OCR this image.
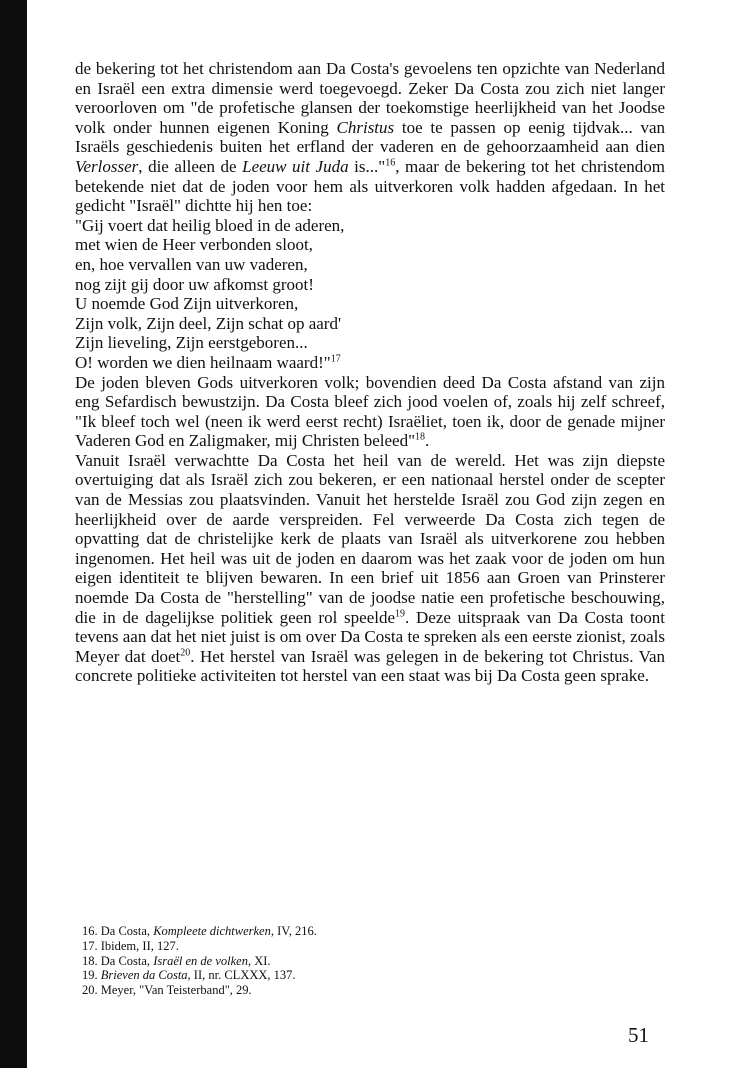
de bekering tot het christendom aan Da Costa's gevoelens ten opzichte van Nederland en Israël een extra dimensie werd toegevoegd. Zeker Da Costa zou zich niet langer veroorloven om "de profetische glansen der toekomstige heerlijkheid van het Joodse volk onder hunnen eigenen Koning Christus toe te passen op eenig tijdvak... van Israëls geschiedenis buiten het erfland der vaderen en de gehoorzaamheid aan dien Verlosser, die alleen de Leeuw uit Juda is..."$^{16}$, maar de bekering tot het christendom betekende niet dat de joden voor hem als uitverkoren volk hadden afgedaan. In het gedicht "Israël" dichtte hij hen toe:

"Gij voert dat heilig bloed in de aderen,
met wien de Heer verbonden sloot,
en, hoe vervallen van uw vaderen,
nog zijt gij door uw afkomst groot!
U noemde God Zijn uitverkoren,
Zijn volk, Zijn deel, Zijn schat op aard'
Zijn lieveling, Zijn eerstgeboren...
O! worden we dien heilnaam waard!"$^{17}$

De joden bleven Gods uitverkoren volk; bovendien deed Da Costa afstand van zijn eng Sefardisch bewustzijn. Da Costa bleef zich jood voelen of, zoals hij zelf schreef, "Ik bleef toch wel (neen ik werd eerst recht) Israëliet, toen ik, door de genade mijner Vaderen God en Zaligmaker, mij Christen beleed"$^{18}$.

Vanuit Israël verwachtte Da Costa het heil van de wereld. Het was zijn diepste overtuiging dat als Israël zich zou bekeren, er een nationaal herstel onder de scepter van de Messias zou plaatsvinden. Vanuit het herstelde Israël zou God zijn zegen en heerlijkheid over de aarde verspreiden. Fel verweerde Da Costa zich tegen de opvatting dat de christelijke kerk de plaats van Israël als uitverkorene zou hebben ingenomen. Het heil was uit de joden en daarom was het zaak voor de joden om hun eigen identiteit te blijven bewaren. In een brief uit 1856 aan Groen van Prinsterer noemde Da Costa de "herstelling" van de joodse natie een profetische beschouwing, die in de dagelijkse politiek geen rol speelde$^{19}$. Deze uitspraak van Da Costa toont tevens aan dat het niet juist is om over Da Costa te spreken als een eerste zionist, zoals Meyer dat doet$^{20}$. Het herstel van Israël was gelegen in de bekering tot Christus. Van concrete politieke activiteiten tot herstel van een staat was bij Da Costa geen sprake.

16. Da Costa, Kompleete dichtwerken, IV, 216.
17. Ibidem, II, 127.
18. Da Costa, Israël en de volken, XI.
19. Brieven da Costa, II, nr. CLXXX, 137.
20. Meyer, "Van Teisterband", 29.
51
